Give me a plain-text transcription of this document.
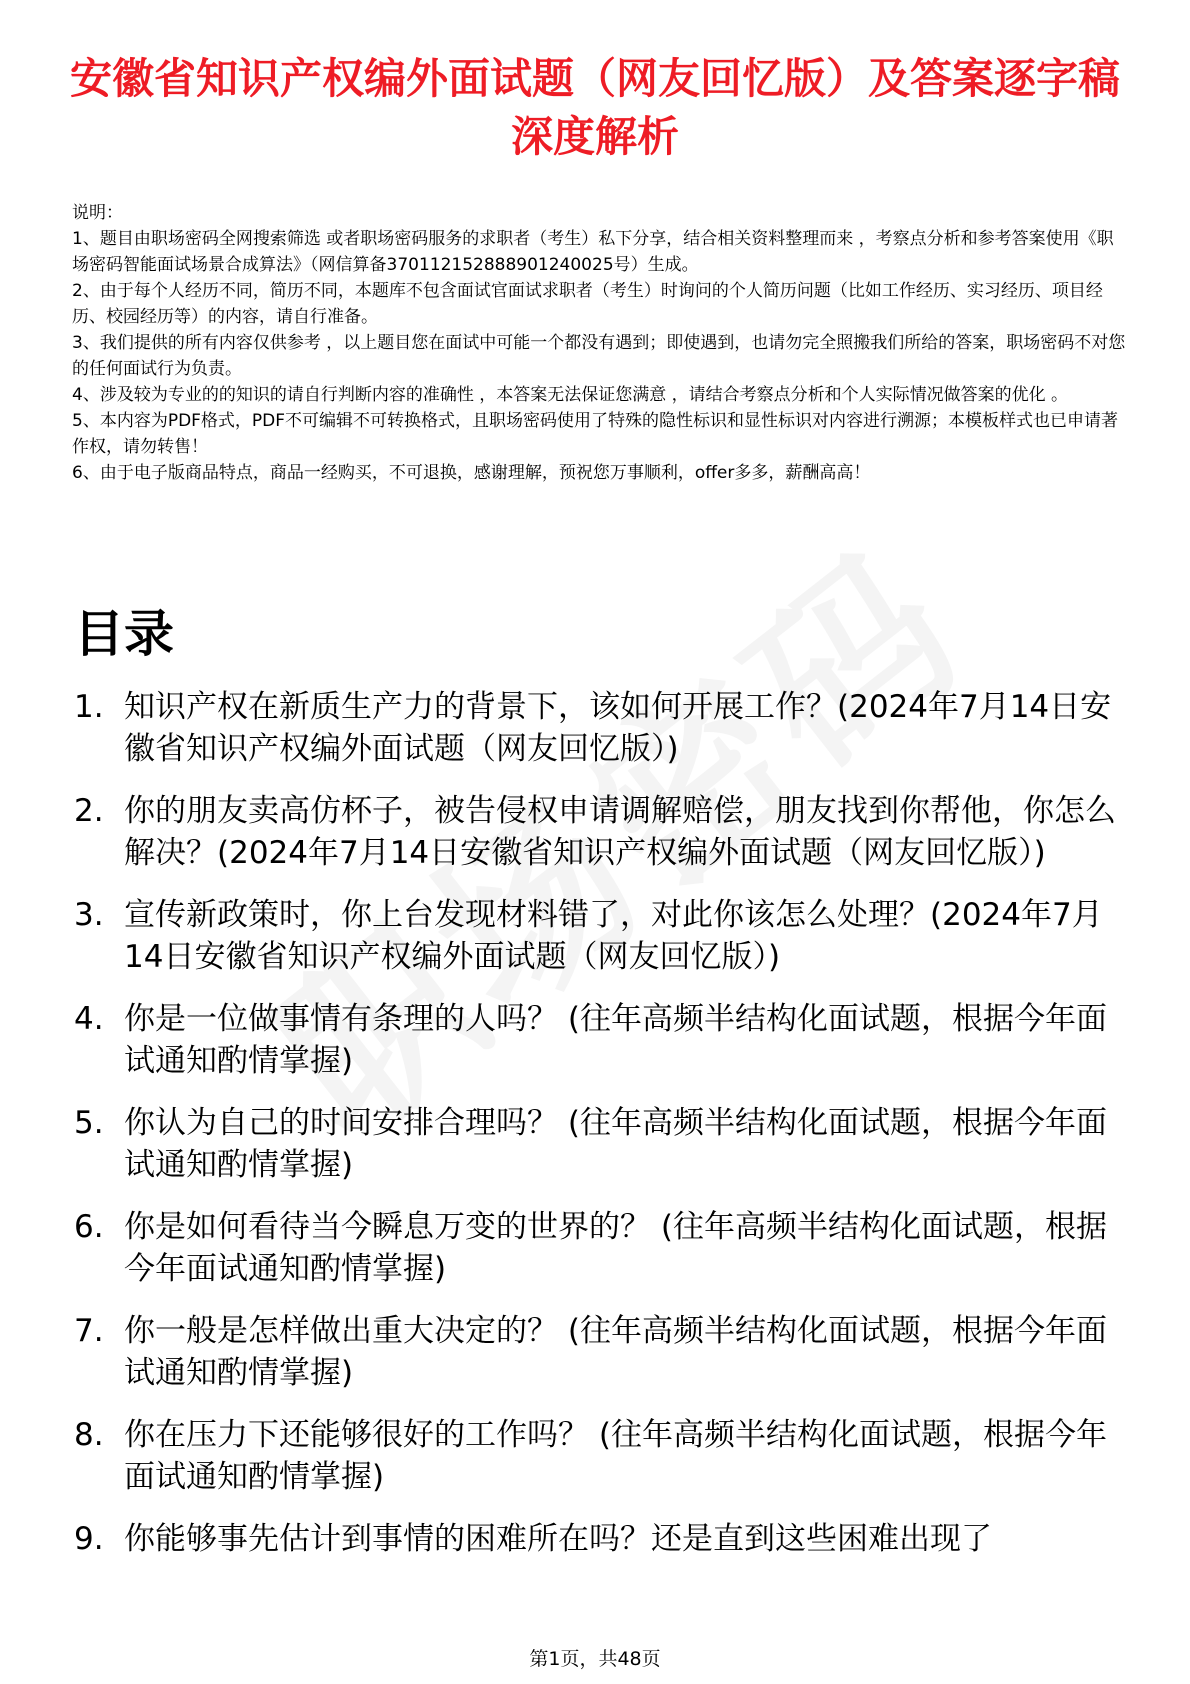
安徽省知识产权编外面试题（网友回忆版）及答案逐字稿深度解析

说明：

1、题目由职场密码全网搜索筛选 或者职场密码服务的求职者（考生）私下分享，结合相关资料整理而来 ，考察点分析和参考答案使用《职场密码智能面试场景合成算法》（网信算备370112152888901240025号）生成。

2、由于每个人经历不同，简历不同，本题库不包含面试官面试求职者（考生）时询问的个人简历问题（比如工作经历、实习经历、项目经历、校园经历等）的内容，请自行准备。

3、我们提供的所有内容仅供参考 ，以上题目您在面试中可能一个都没有遇到；即使遇到，也请勿完全照搬我们所给的答案，职场密码不对您的任何面试行为负责。

4、涉及较为专业的的知识的请自行判断内容的准确性 ，本答案无法保证您满意 ，请结合考察点分析和个人实际情况做答案的优化 。

5、本内容为PDF格式，PDF不可编辑不可转换格式，且职场密码使用了特殊的隐性标识和显性标识对内容进行溯源；本模板样式也已申请著作权，请勿转售！

6、由于电子版商品特点，商品一经购买，不可退换，感谢理解，预祝您万事顺利，offer多多，薪酬高高！

目录
1. 知识产权在新质生产力的背景下，该如何开展工作？(2024年7月14日安徽省知识产权编外面试题（网友回忆版）)
2. 你的朋友卖高仿杯子，被告侵权申请调解赔偿，朋友找到你帮他，你怎么解决？(2024年7月14日安徽省知识产权编外面试题（网友回忆版）)
3. 宣传新政策时，你上台发现材料错了，对此你该怎么处理？(2024年7月14日安徽省知识产权编外面试题（网友回忆版）)
4. 你是一位做事情有条理的人吗？ (往年高频半结构化面试题，根据今年面试通知酌情掌握)
5. 你认为自己的时间安排合理吗？ (往年高频半结构化面试题，根据今年面试通知酌情掌握)
6. 你是如何看待当今瞬息万变的世界的？ (往年高频半结构化面试题，根据今年面试通知酌情掌握)
7. 你一般是怎样做出重大决定的？ (往年高频半结构化面试题，根据今年面试通知酌情掌握)
8. 你在压力下还能够很好的工作吗？ (往年高频半结构化面试题，根据今年面试通知酌情掌握)
9. 你能够事先估计到事情的困难所在吗？还是直到这些困难出现了
第1页，共48页
